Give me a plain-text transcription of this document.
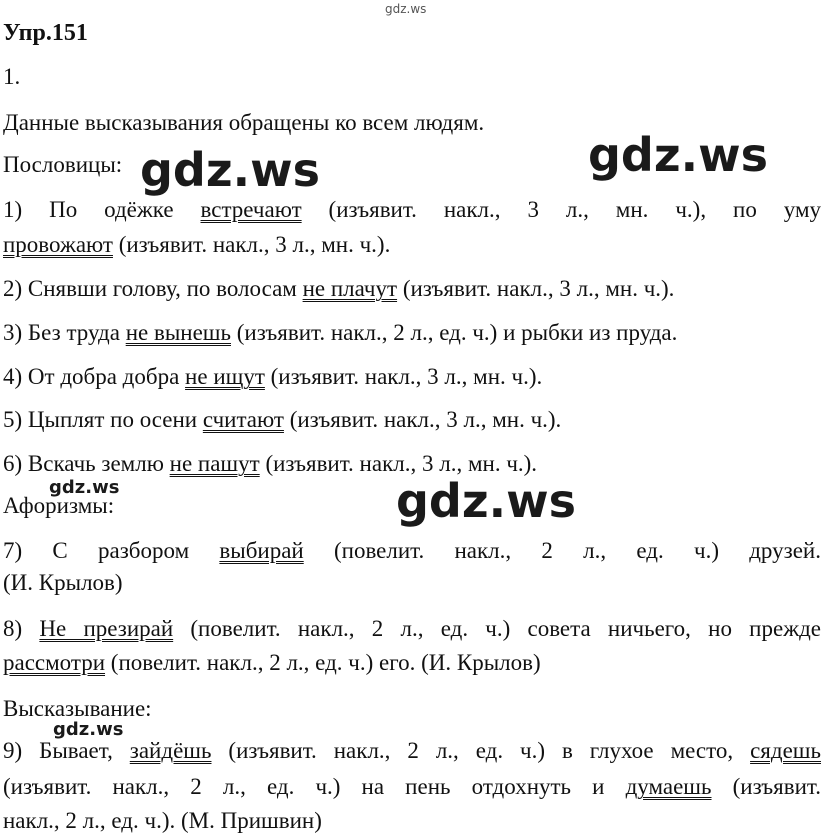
gdz.ws
Упр.151
1.
Данные высказывания обращены ко всем людям.
Пословицы:
1) По одёжке встречают (изъявит. накл., 3 л., мн. ч.), по уму
провожают (изъявит. накл., 3 л., мн. ч.).
2) Снявши голову, по волосам не плачут (изъявит. накл., 3 л., мн. ч.).
3) Без труда не вынешь (изъявит. накл., 2 л., ед. ч.) и рыбки из пруда.
4) От добра добра не ищут (изъявит. накл., 3 л., мн. ч.).
5) Цыплят по осени считают (изъявит. накл., 3 л., мн. ч.).
6) Вскачь землю не пашут (изъявит. накл., 3 л., мн. ч.).
Афоризмы:
7) С разбором выбирай (повелит. накл., 2 л., ед. ч.) друзей.
(И. Крылов)
8) Не презирай (повелит. накл., 2 л., ед. ч.) совета ничьего, но прежде
рассмотри (повелит. накл., 2 л., ед. ч.) его. (И. Крылов)
Высказывание:
9) Бывает, зайдёшь (изъявит. накл., 2 л., ед. ч.) в глухое место, сядешь
(изъявит. накл., 2 л., ед. ч.) на пень отдохнуть и думаешь (изъявит.
накл., 2 л., ед. ч.). (М. Пришвин)
gdz.ws	gdz.ws
gdz.ws
gdz.ws
gdz.ws
